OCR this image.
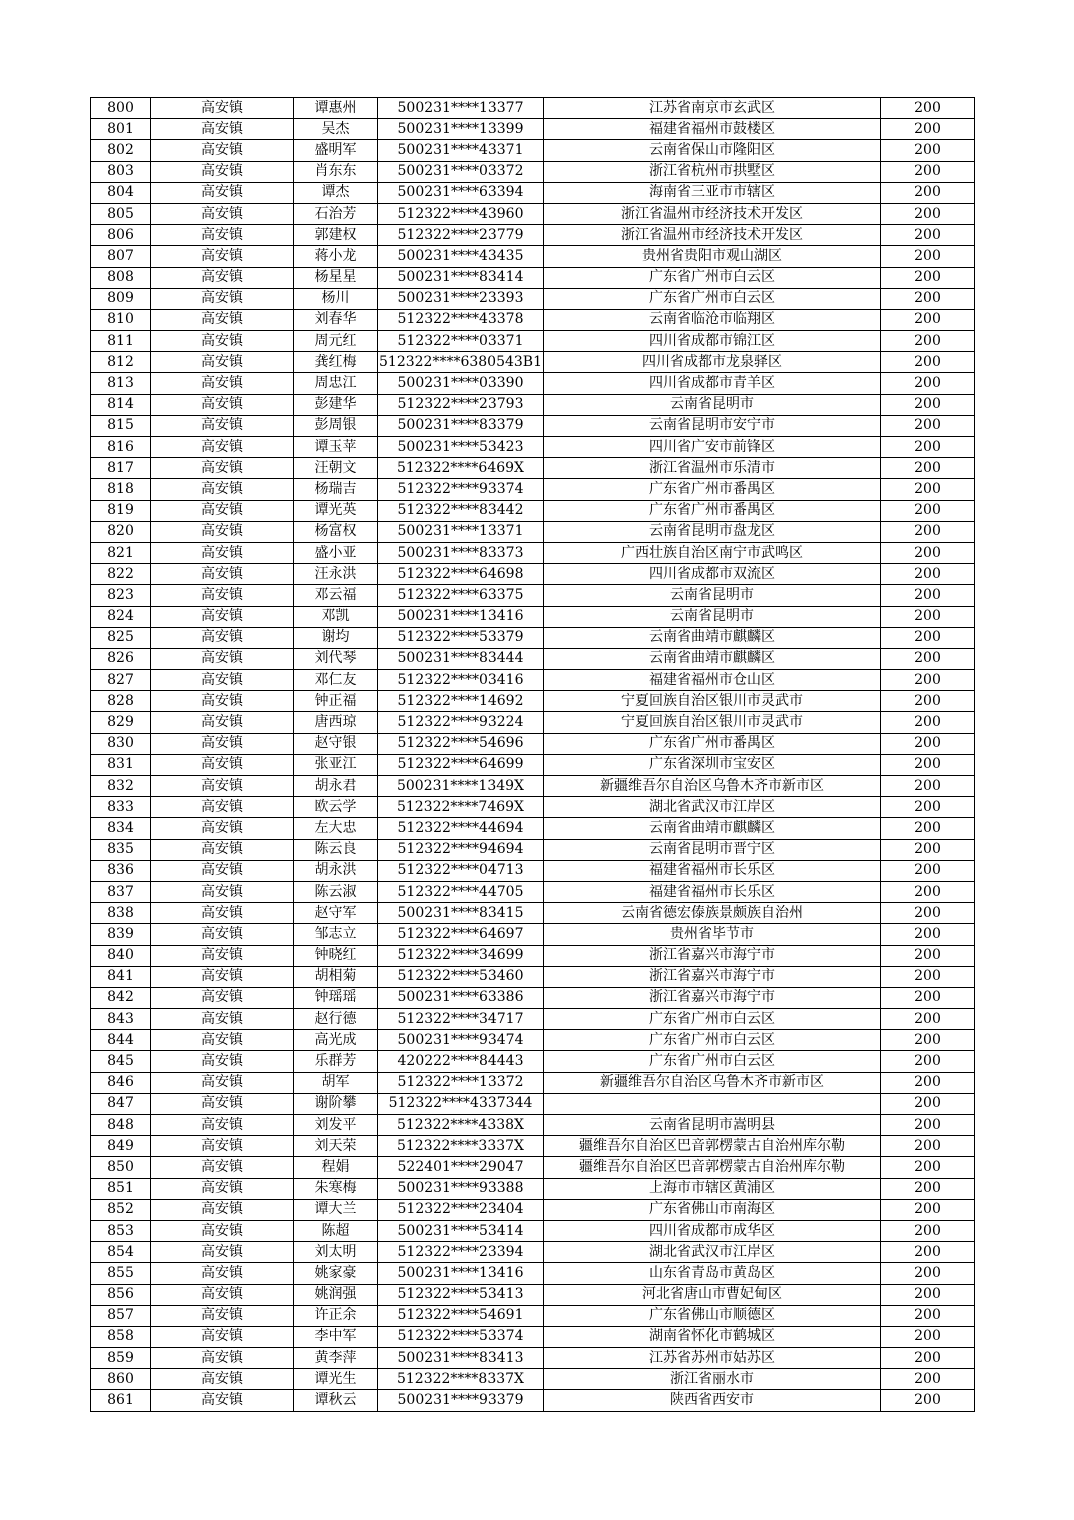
800	高安镇	谭惠州	500231****13377	江苏省南京市玄武区	200
801	高安镇	吴杰	500231****13399	福建省福州市鼓楼区	200
802	高安镇	盛明军	500231****43371	云南省保山市隆阳区	200
803	高安镇	肖东东	500231****03372	浙江省杭州市拱墅区	200
804	高安镇	谭杰	500231****63394	海南省三亚市市辖区	200
805	高安镇	石治芳	512322****43960	浙江省温州市经济技术开发区	200
806	高安镇	郭建权	512322****23779	浙江省温州市经济技术开发区	200
807	高安镇	蒋小龙	500231****43435	贵州省贵阳市观山湖区	200
808	高安镇	杨星星	500231****83414	广东省广州市白云区	200
809	高安镇	杨川	500231****23393	广东省广州市白云区	200
810	高安镇	刘春华	512322****43378	云南省临沧市临翔区	200
811	高安镇	周元红	512322****03371	四川省成都市锦江区	200
812	高安镇	龚红梅	512322****6380543B1	四川省成都市龙泉驿区	200
813	高安镇	周忠江	500231****03390	四川省成都市青羊区	200
814	高安镇	彭建华	512322****23793	云南省昆明市	200
815	高安镇	彭周银	500231****83379	云南省昆明市安宁市	200
816	高安镇	谭玉苹	500231****53423	四川省广安市前锋区	200
817	高安镇	汪朝文	512322****6469X	浙江省温州市乐清市	200
818	高安镇	杨瑞吉	512322****93374	广东省广州市番禺区	200
819	高安镇	谭光英	512322****83442	广东省广州市番禺区	200
820	高安镇	杨富权	500231****13371	云南省昆明市盘龙区	200
821	高安镇	盛小亚	500231****83373	广西壮族自治区南宁市武鸣区	200
822	高安镇	汪永洪	512322****64698	四川省成都市双流区	200
823	高安镇	邓云福	512322****63375	云南省昆明市	200
824	高安镇	邓凯	500231****13416	云南省昆明市	200
825	高安镇	谢均	512322****53379	云南省曲靖市麒麟区	200
826	高安镇	刘代琴	500231****83444	云南省曲靖市麒麟区	200
827	高安镇	邓仁友	512322****03416	福建省福州市仓山区	200
828	高安镇	钟正福	512322****14692	宁夏回族自治区银川市灵武市	200
829	高安镇	唐西琼	512322****93224	宁夏回族自治区银川市灵武市	200
830	高安镇	赵守银	512322****54696	广东省广州市番禺区	200
831	高安镇	张亚江	512322****64699	广东省深圳市宝安区	200
832	高安镇	胡永君	500231****1349X	新疆维吾尔自治区乌鲁木齐市新市区	200
833	高安镇	欧云学	512322****7469X	湖北省武汉市江岸区	200
834	高安镇	左大忠	512322****44694	云南省曲靖市麒麟区	200
835	高安镇	陈云良	512322****94694	云南省昆明市晋宁区	200
836	高安镇	胡永洪	512322****04713	福建省福州市长乐区	200
837	高安镇	陈云淑	512322****44705	福建省福州市长乐区	200
838	高安镇	赵守军	500231****83415	云南省德宏傣族景颇族自治州	200
839	高安镇	邹志立	512322****64697	贵州省毕节市	200
840	高安镇	钟晓红	512322****34699	浙江省嘉兴市海宁市	200
841	高安镇	胡相菊	512322****53460	浙江省嘉兴市海宁市	200
842	高安镇	钟瑶瑶	500231****63386	浙江省嘉兴市海宁市	200
843	高安镇	赵行德	512322****34717	广东省广州市白云区	200
844	高安镇	高光成	500231****93474	广东省广州市白云区	200
845	高安镇	乐群芳	420222****84443	广东省广州市白云区	200
846	高安镇	胡军	512322****13372	新疆维吾尔自治区乌鲁木齐市新市区	200
847	高安镇	谢阶攀	512322****4337344		200
848	高安镇	刘发平	512322****4338X	云南省昆明市嵩明县	200
849	高安镇	刘天荣	512322****3337X	疆维吾尔自治区巴音郭楞蒙古自治州库尔勒	200
850	高安镇	程娟	522401****29047	疆维吾尔自治区巴音郭楞蒙古自治州库尔勒	200
851	高安镇	朱寒梅	500231****93388	上海市市辖区黄浦区	200
852	高安镇	谭大兰	512322****23404	广东省佛山市南海区	200
853	高安镇	陈超	500231****53414	四川省成都市成华区	200
854	高安镇	刘太明	512322****23394	湖北省武汉市江岸区	200
855	高安镇	姚家豪	500231****13416	山东省青岛市黄岛区	200
856	高安镇	姚润强	512322****53413	河北省唐山市曹妃甸区	200
857	高安镇	许正余	512322****54691	广东省佛山市顺德区	200
858	高安镇	李中军	512322****53374	湖南省怀化市鹤城区	200
859	高安镇	黄李萍	500231****83413	江苏省苏州市姑苏区	200
860	高安镇	谭光生	512322****8337X	浙江省丽水市	200
861	高安镇	谭秋云	500231****93379	陕西省西安市	200
